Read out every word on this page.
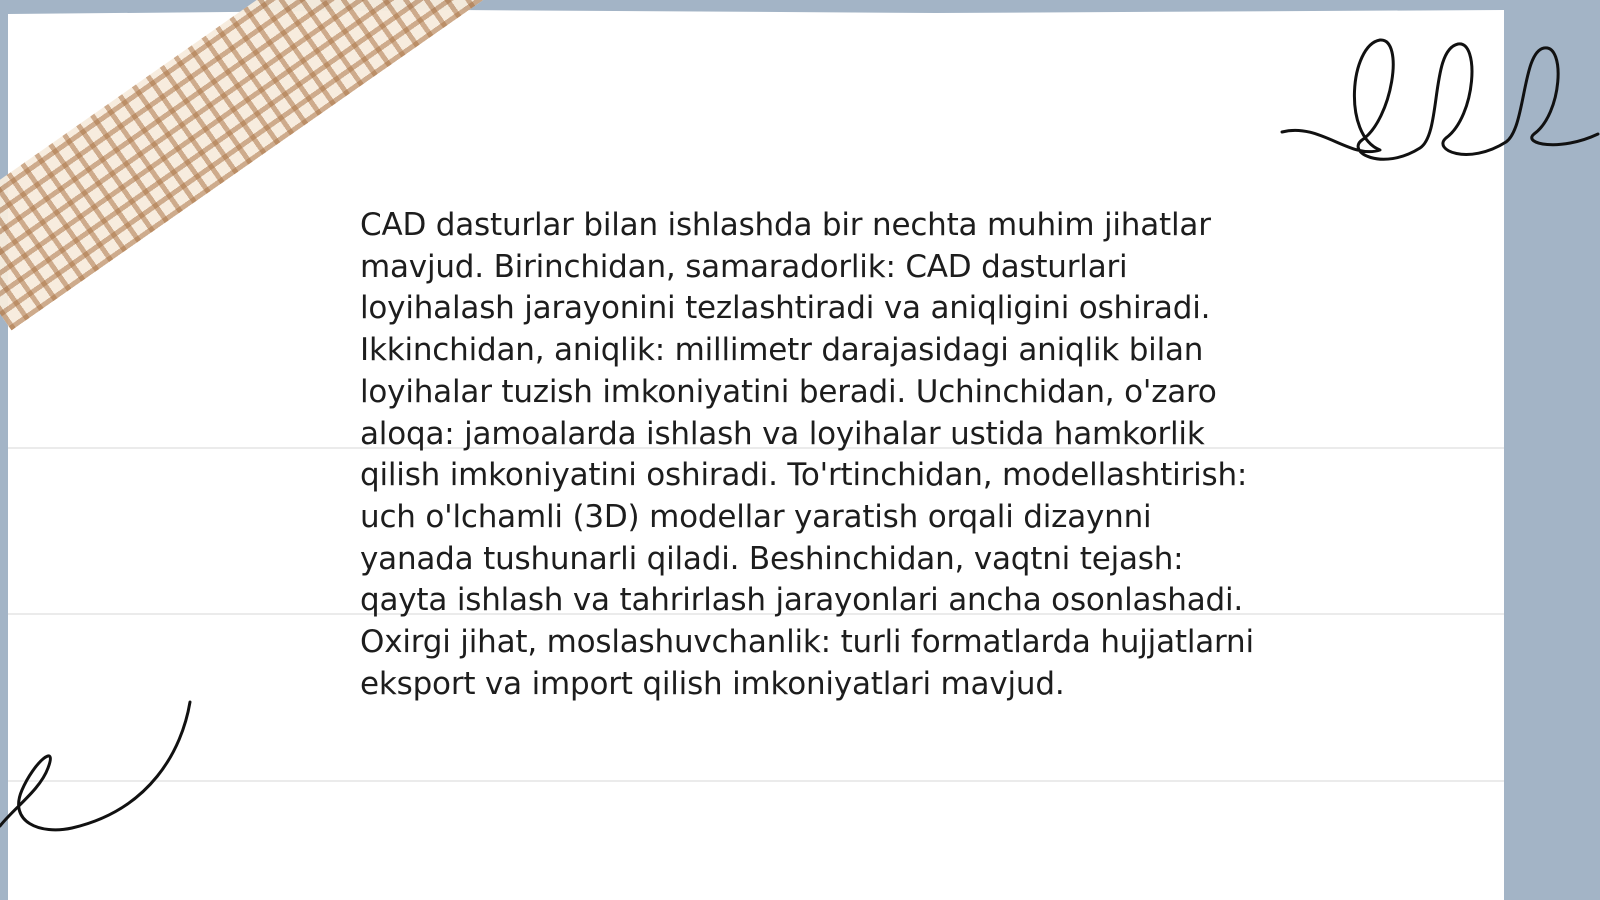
CAD dasturlar bilan ishlashda bir nechta muhim jihatlar mavjud. Birinchidan, samaradorlik: CAD dasturlari loyihalash jarayonini tezlashtiradi va aniqligini oshiradi. Ikkinchidan, aniqlik: millimetr darajasidagi aniqlik bilan loyihalar tuzish imkoniyatini beradi. Uchinchidan, o'zaro aloqa: jamoalarda ishlash va loyihalar ustida hamkorlik qilish imkoniyatini oshiradi. To'rtinchidan, modellashtirish: uch o'lchamli (3D) modellar yaratish orqali dizaynni yanada tushunarli qiladi. Beshinchidan, vaqtni tejash: qayta ishlash va tahrirlash jarayonlari ancha osonlashadi. Oxirgi jihat, moslashuvchanlik: turli formatlarda hujjatlarni eksport va import qilish imkoniyatlari mavjud.
